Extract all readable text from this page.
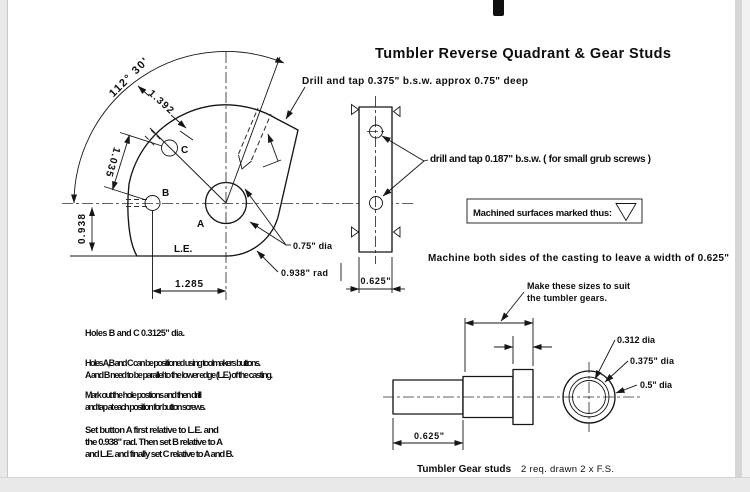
Tumbler Reverse Quadrant & Gear Studs
112° 30'
1.392
1.035
0.938
1.285
A
B
C
L.E.	0.75" dia
0.938" rad
Drill and tap 0.375" b.s.w. approx 0.75" deep
drill and tap 0.187" b.s.w. ( for small grub screws )
0.625"
Machined surfaces marked thus:
Machine both sides of the casting to leave a width of 0.625"
Holes B and C 0.3125" dia.
Holes A,B and C can be positioned using toolmakers buttons.
A and B need to be parallel to the lower edge (L.E.) of the casting.
Mark out the hole postions and then drill
and tap at each position for button screws.
Set button A first relative to L.E. and
the 0.938" rad. Then set B relative to A
and L.E. and finally set C relative to A and B.
Make these sizes to suit
the tumbler gears.
0.625"
0.312 dia
0.375" dia
0.5" dia
Tumbler Gear studs 2 req. drawn 2 x F.S.
